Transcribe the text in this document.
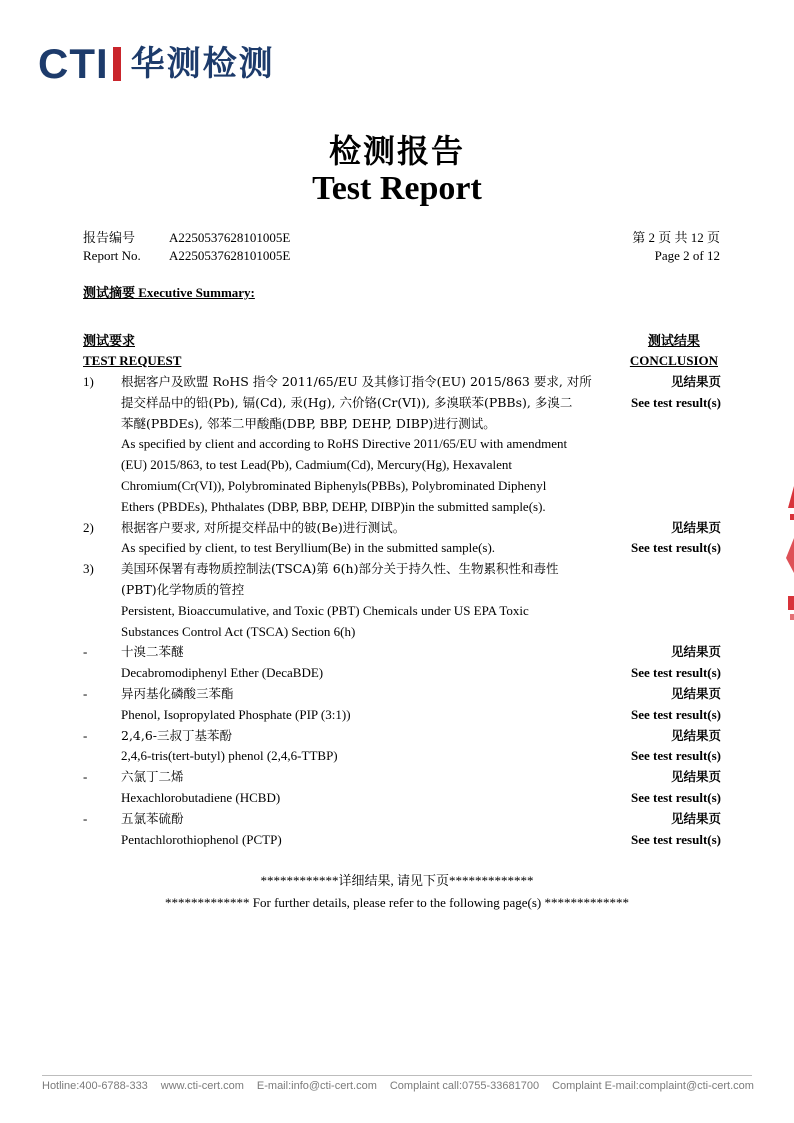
CTI 华测检测
检测报告
Test Report
报告编号	A2250537628101005E
Report No. A2250537628101005E
第 2 页 共 12 页
Page 2 of 12
测试摘要 Executive Summary:
测试要求
TEST REQUEST
测试结果
CONCLUSION
1)	根据客户及欧盟 RoHS 指令 2011/65/EU 及其修订指令(EU) 2015/863 要求, 对所
提交样品中的铅(Pb), 镉(Cd), 汞(Hg), 六价铬(Cr(VI)), 多溴联苯(PBBs), 多溴二
苯醚(PBDEs), 邻苯二甲酸酯(DBP, BBP, DEHP, DIBP)进行测试。
As specified by client and according to RoHS Directive 2011/65/EU with amendment
(EU) 2015/863, to test Lead(Pb), Cadmium(Cd), Mercury(Hg), Hexavalent
Chromium(Cr(VI)), Polybrominated Biphenyls(PBBs), Polybrominated Diphenyl
Ethers (PBDEs), Phthalates (DBP, BBP, DEHP, DIBP)in the submitted sample(s).
见结果页
See test result(s)
2)	根据客户要求, 对所提交样品中的铍(Be)进行测试。
As specified by client, to test Beryllium(Be) in the submitted sample(s).
见结果页
See test result(s)
3)	美国环保署有毒物质控制法(TSCA)第 6(h)部分关于持久性、生物累积性和毒性
(PBT)化学物质的管控
Persistent, Bioaccumulative, and Toxic (PBT) Chemicals under US EPA Toxic
Substances Control Act (TSCA) Section 6(h)
-	十溴二苯醚
Decabromodiphenyl Ether (DecaBDE)
见结果页
See test result(s)
-	异丙基化磷酸三苯酯
Phenol, Isopropylated Phosphate (PIP (3:1))
见结果页
See test result(s)
-	2,4,6-三叔丁基苯酚
2,4,6-tris(tert-butyl) phenol (2,4,6-TTBP)
见结果页
See test result(s)
-	六氯丁二烯
Hexachlorobutadiene (HCBD)
见结果页
See test result(s)
-	五氯苯硫酚
Pentachlorothiophenol (PCTP)
见结果页
See test result(s)
************详细结果, 请见下页*************
************* For further details, please refer to the following page(s) *************
Hotline:400-6788-333 www.cti-cert.com E-mail:info@cti-cert.com Complaint call:0755-33681700 Complaint E-mail:complaint@cti-cert.com
